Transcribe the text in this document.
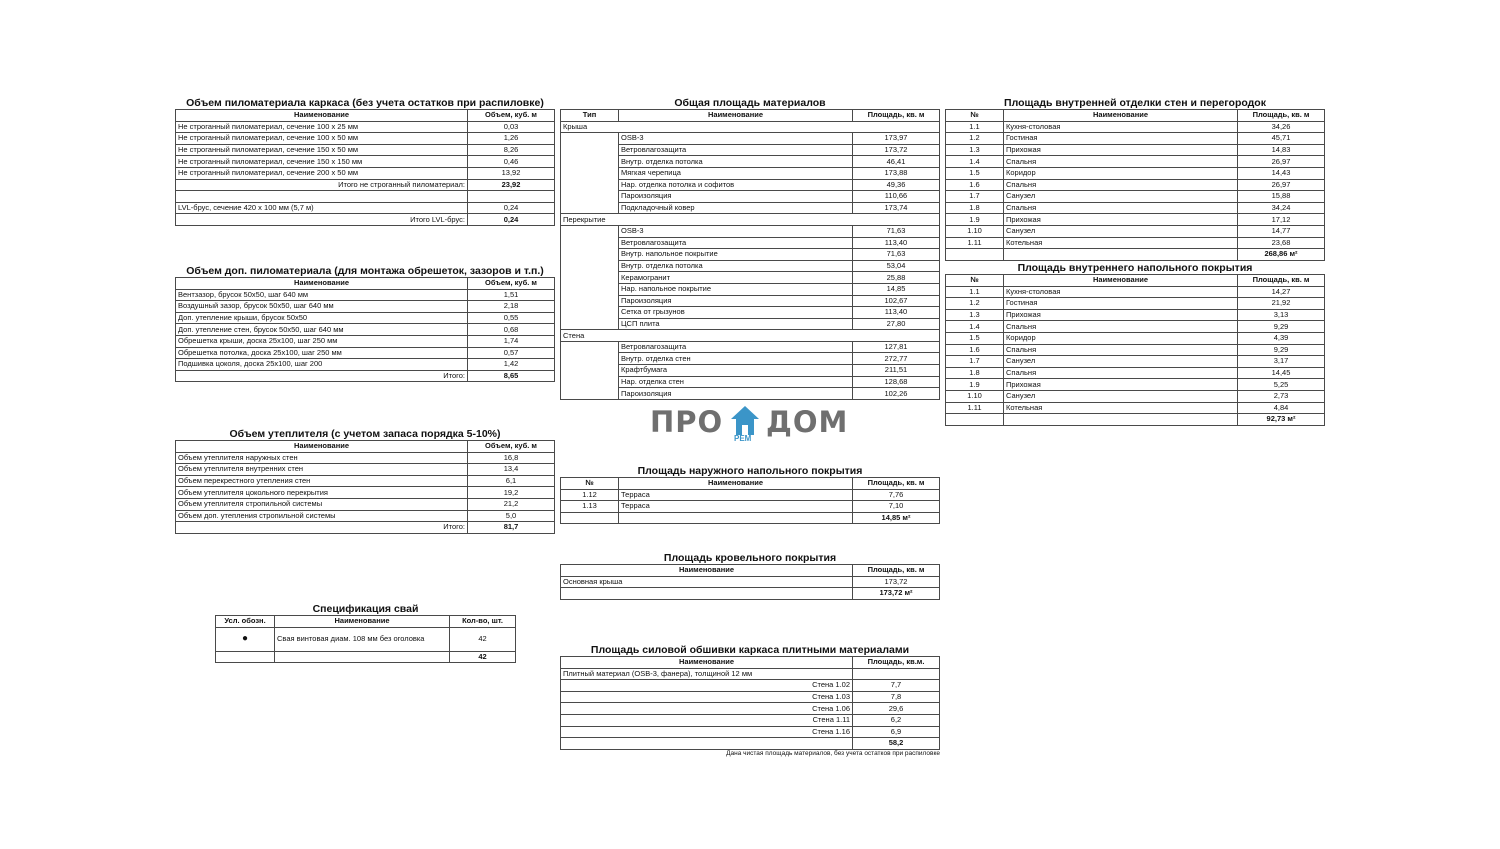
Объем пиломатериала каркаса (без учета остатков при распиловке)
Наименование	Объем, куб. м
Не строганный пиломатериал, сечение 100 х 25 мм	0,03
Не строганный пиломатериал, сечение 100 х 50 мм	1,26
Не строганный пиломатериал, сечение 150 х 50 мм	8,26
Не строганный пиломатериал, сечение 150 х 150 мм	0,46
Не строганный пиломатериал, сечение 200 х 50 мм	13,92
Итого не строганный пиломатериал:	23,92

LVL-брус, сечение 420 х 100 мм (5,7 м)	0,24
Итого LVL-брус:	0,24
Объем доп. пиломатериала (для монтажа обрешеток, зазоров и т.п.)
Наименование	Объем, куб. м
Вентзазор, брусок 50х50, шаг 640 мм	1,51
Воздушный зазор, брусок 50х50, шаг 640 мм	2,18
Доп. утепление крыши, брусок 50х50	0,55
Доп. утепление стен, брусок 50х50, шаг 640 мм	0,68
Обрешетка крыши, доска 25х100, шаг 250 мм	1,74
Обрешетка потолка, доска 25х100, шаг 250 мм	0,57
Подшивка цоколя, доска 25х100, шаг 200	1,42
Итого:	8,65
Объем утеплителя (с учетом запаса порядка 5-10%)
Наименование	Объем, куб. м
Объем утеплителя наружных стен	16,8
Объем утеплителя внутренних стен	13,4
Объем перекрестного утепления стен	6,1
Объем утеплителя цокольного перекрытия	19,2
Объем утеплителя стропильной системы	21,2
Объем доп. утепления стропильной системы	5,0
Итого:	81,7
Спецификация свай
Усл. обозн.	Наименование	Кол-во, шт.
●	Свая винтовая диам. 108 мм без оголовка	42
		42
Общая площадь материалов
Тип	Наименование	Площадь, кв. м
Крыша		
	OSB-3	173,97
	Ветровлагозащита	173,72
	Внутр. отделка потолка	46,41
	Мягкая черепица	173,88
	Нар. отделка потолка и софитов	49,36
	Пароизоляция	110,66
	Подкладочный ковер	173,74
Перекрытие		
	OSB-3	71,63
	Ветровлагозащита	113,40
	Внутр. напольное покрытие	71,63
	Внутр. отделка потолка	53,04
	Керамогранит	25,88
	Нар. напольное покрытие	14,85
	Пароизоляция	102,67
	Сетка от грызунов	113,40
	ЦСП плита	27,80
Стена		
	Ветровлагозащита	127,81
	Внутр. отделка стен	272,77
	Крафтбумага	211,51
	Нар. отделка стен	128,68
	Пароизоляция	102,26
ПРО РЕМ ДОМ
Площадь наружного напольного покрытия
№	Наименование	Площадь, кв. м
1.12	Терраса	7,76
1.13	Терраса	7,10
		14,85 м²
Площадь кровельного покрытия
Наименование	Площадь, кв. м
Основная крыша	173,72
	173,72 м²
Площадь силовой обшивки каркаса плитными материалами
Наименование	Площадь, кв.м.
Плитный материал (OSB-3, фанера), толщиной 12 мм	
Стена 1.02	7,7
Стена 1.03	7,8
Стена 1.06	29,6
Стена 1.11	6,2
Стена 1.16	6,9
	58,2
Дана чистая площадь материалов, без учета остатков при распиловке
Площадь внутренней отделки стен и перегородок
№	Наименование	Площадь, кв. м
1.1	Кухня-столовая	34,26
1.2	Гостиная	45,71
1.3	Прихожая	14,83
1.4	Спальня	26,97
1.5	Коридор	14,43
1.6	Спальня	26,97
1.7	Санузел	15,88
1.8	Спальня	34,24
1.9	Прихожая	17,12
1.10	Санузел	14,77
1.11	Котельная	23,68
		268,86 м²
Площадь внутреннего напольного покрытия
№	Наименование	Площадь, кв. м
1.1	Кухня-столовая	14,27
1.2	Гостиная	21,92
1.3	Прихожая	3,13
1.4	Спальня	9,29
1.5	Коридор	4,39
1.6	Спальня	9,29
1.7	Санузел	3,17
1.8	Спальня	14,45
1.9	Прихожая	5,25
1.10	Санузел	2,73
1.11	Котельная	4,84
		92,73 м²
